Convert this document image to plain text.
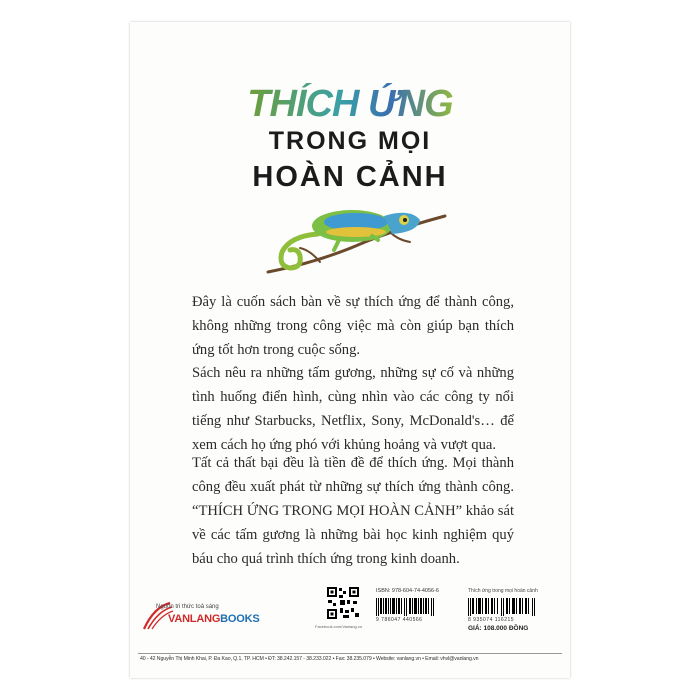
THÍCH ỨNG
TRONG MỌI
HOÀN CẢNH

Đây là cuốn sách bàn về sự thích ứng để thành công, không những trong công việc mà còn giúp bạn thích ứng tốt hơn trong cuộc sống.

Sách nêu ra những tấm gương, những sự cố và những tình huống điển hình, cùng nhìn vào các công ty nổi tiếng như Starbucks, Netflix, Sony, McDonald's… để xem cách họ ứng phó với khủng hoảng và vượt qua.

Tất cả thất bại đều là tiền đề để thích ứng. Mọi thành công đều xuất phát từ những sự thích ứng thành công. “THÍCH ỨNG TRONG MỌI HOÀN CẢNH” khảo sát về các tấm gương là những bài học kinh nghiệm quý báu cho quá trình thích ứng trong kinh doanh.

Nguồn tri thức toả sáng
VANLANGBOOKS
Facebook.com/Vanlang.vn
ISBN: 978-604-74-4056-6
9 786047 440566
Thích ứng trong mọi hoàn cảnh
8 935074 116215
GIÁ: 108.000 ĐỒNG
40 - 42 Nguyễn Thị Minh Khai, P. Đa Kao, Q.1, TP. HCM • ĐT: 38.242.157 - 38.233.022 • Fax: 38.235.079 • Website: vanlang.vn • Email: vhvl@vanlang.vn
